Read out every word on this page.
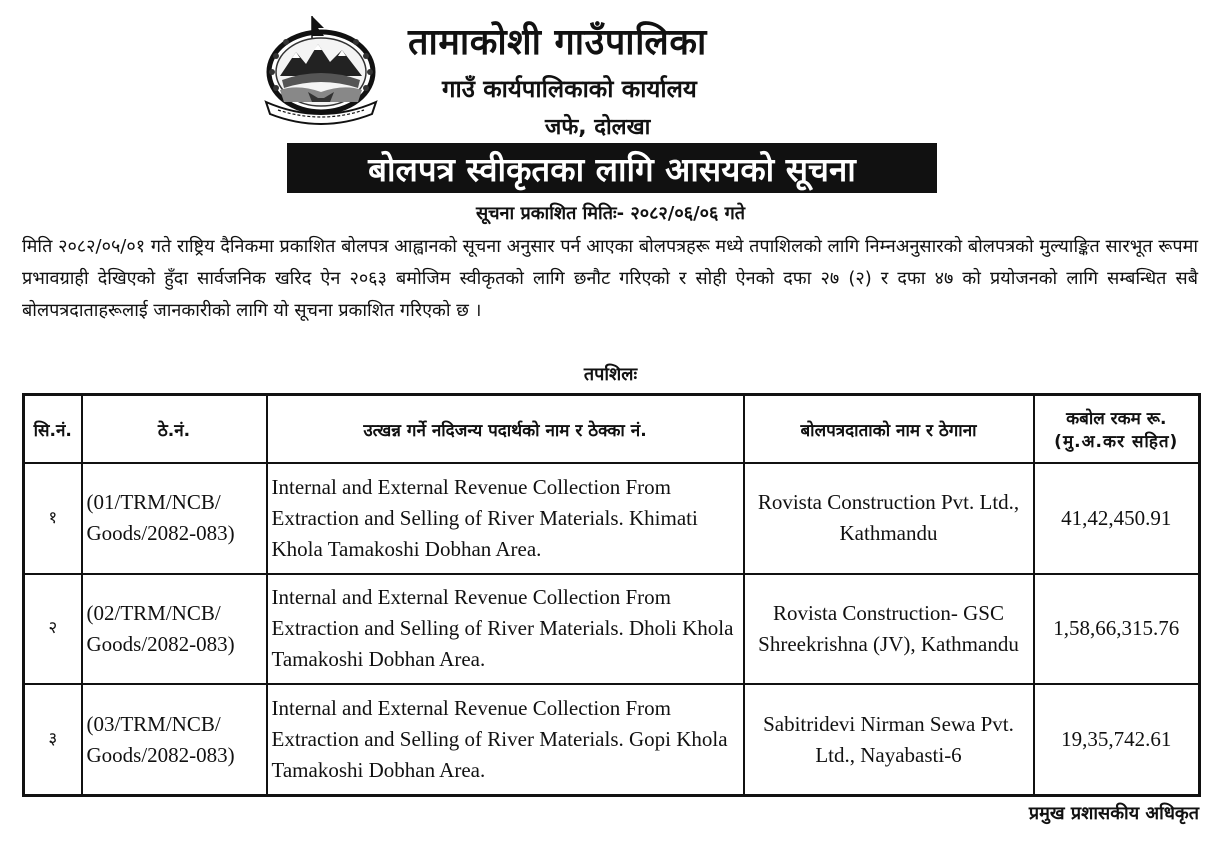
तामाकोशी गाउँपालिका
गाउँ कार्यपालिकाको कार्यालय
जफे, दोलखा
बोलपत्र स्वीकृतका लागि आसयको सूचना
सूचना प्रकाशित मितिः- २०८२/०६/०६ गते
मिति २०८२/०५/०१ गते राष्ट्रिय दैनिकमा प्रकाशित बोलपत्र आह्वानको सूचना अनुसार पर्न आएका बोलपत्रहरू मध्ये तपाशिलको लागि निम्नअनुसारको बोलपत्रको मुल्याङ्कित सारभूत रूपमा प्रभावग्राही देखिएको हुँदा सार्वजनिक खरिद ऐन २०६३ बमोजिम स्वीकृतको लागि छनौट गरिएको र सोही ऐनको दफा २७ (२) र दफा ४७ को प्रयोजनको लागि सम्बन्धित सबै बोलपत्रदाताहरूलाई जानकारीको लागि यो सूचना प्रकाशित गरिएको छ ।
तपशिलः
सि.नं.	ठे.नं.	उत्खन्न गर्ने नदिजन्य पदार्थको नाम र ठेक्का नं.	बोलपत्रदाताको नाम र ठेगाना	कबोल रकम रू.
(मु.अ.कर सहित)

१	(01/TRM/NCB/ Goods/2082-083)	Internal and External Revenue Collection From Extraction and Selling of River Materials. Khimati Khola Tamakoshi Dobhan Area.	Rovista Construction Pvt. Ltd., Kathmandu	41,42,450.91
२	(02/TRM/NCB/ Goods/2082-083)	Internal and External Revenue Collection From Extraction and Selling of River Materials. Dholi Khola Tamakoshi Dobhan Area.	Rovista Construction- GSC Shreekrishna (JV), Kathmandu	1,58,66,315.76
३	(03/TRM/NCB/ Goods/2082-083)	Internal and External Revenue Collection From Extraction and Selling of River Materials. Gopi Khola Tamakoshi Dobhan Area.	Sabitridevi Nirman Sewa Pvt. Ltd., Nayabasti-6	19,35,742.61
प्रमुख प्रशासकीय अधिकृत
